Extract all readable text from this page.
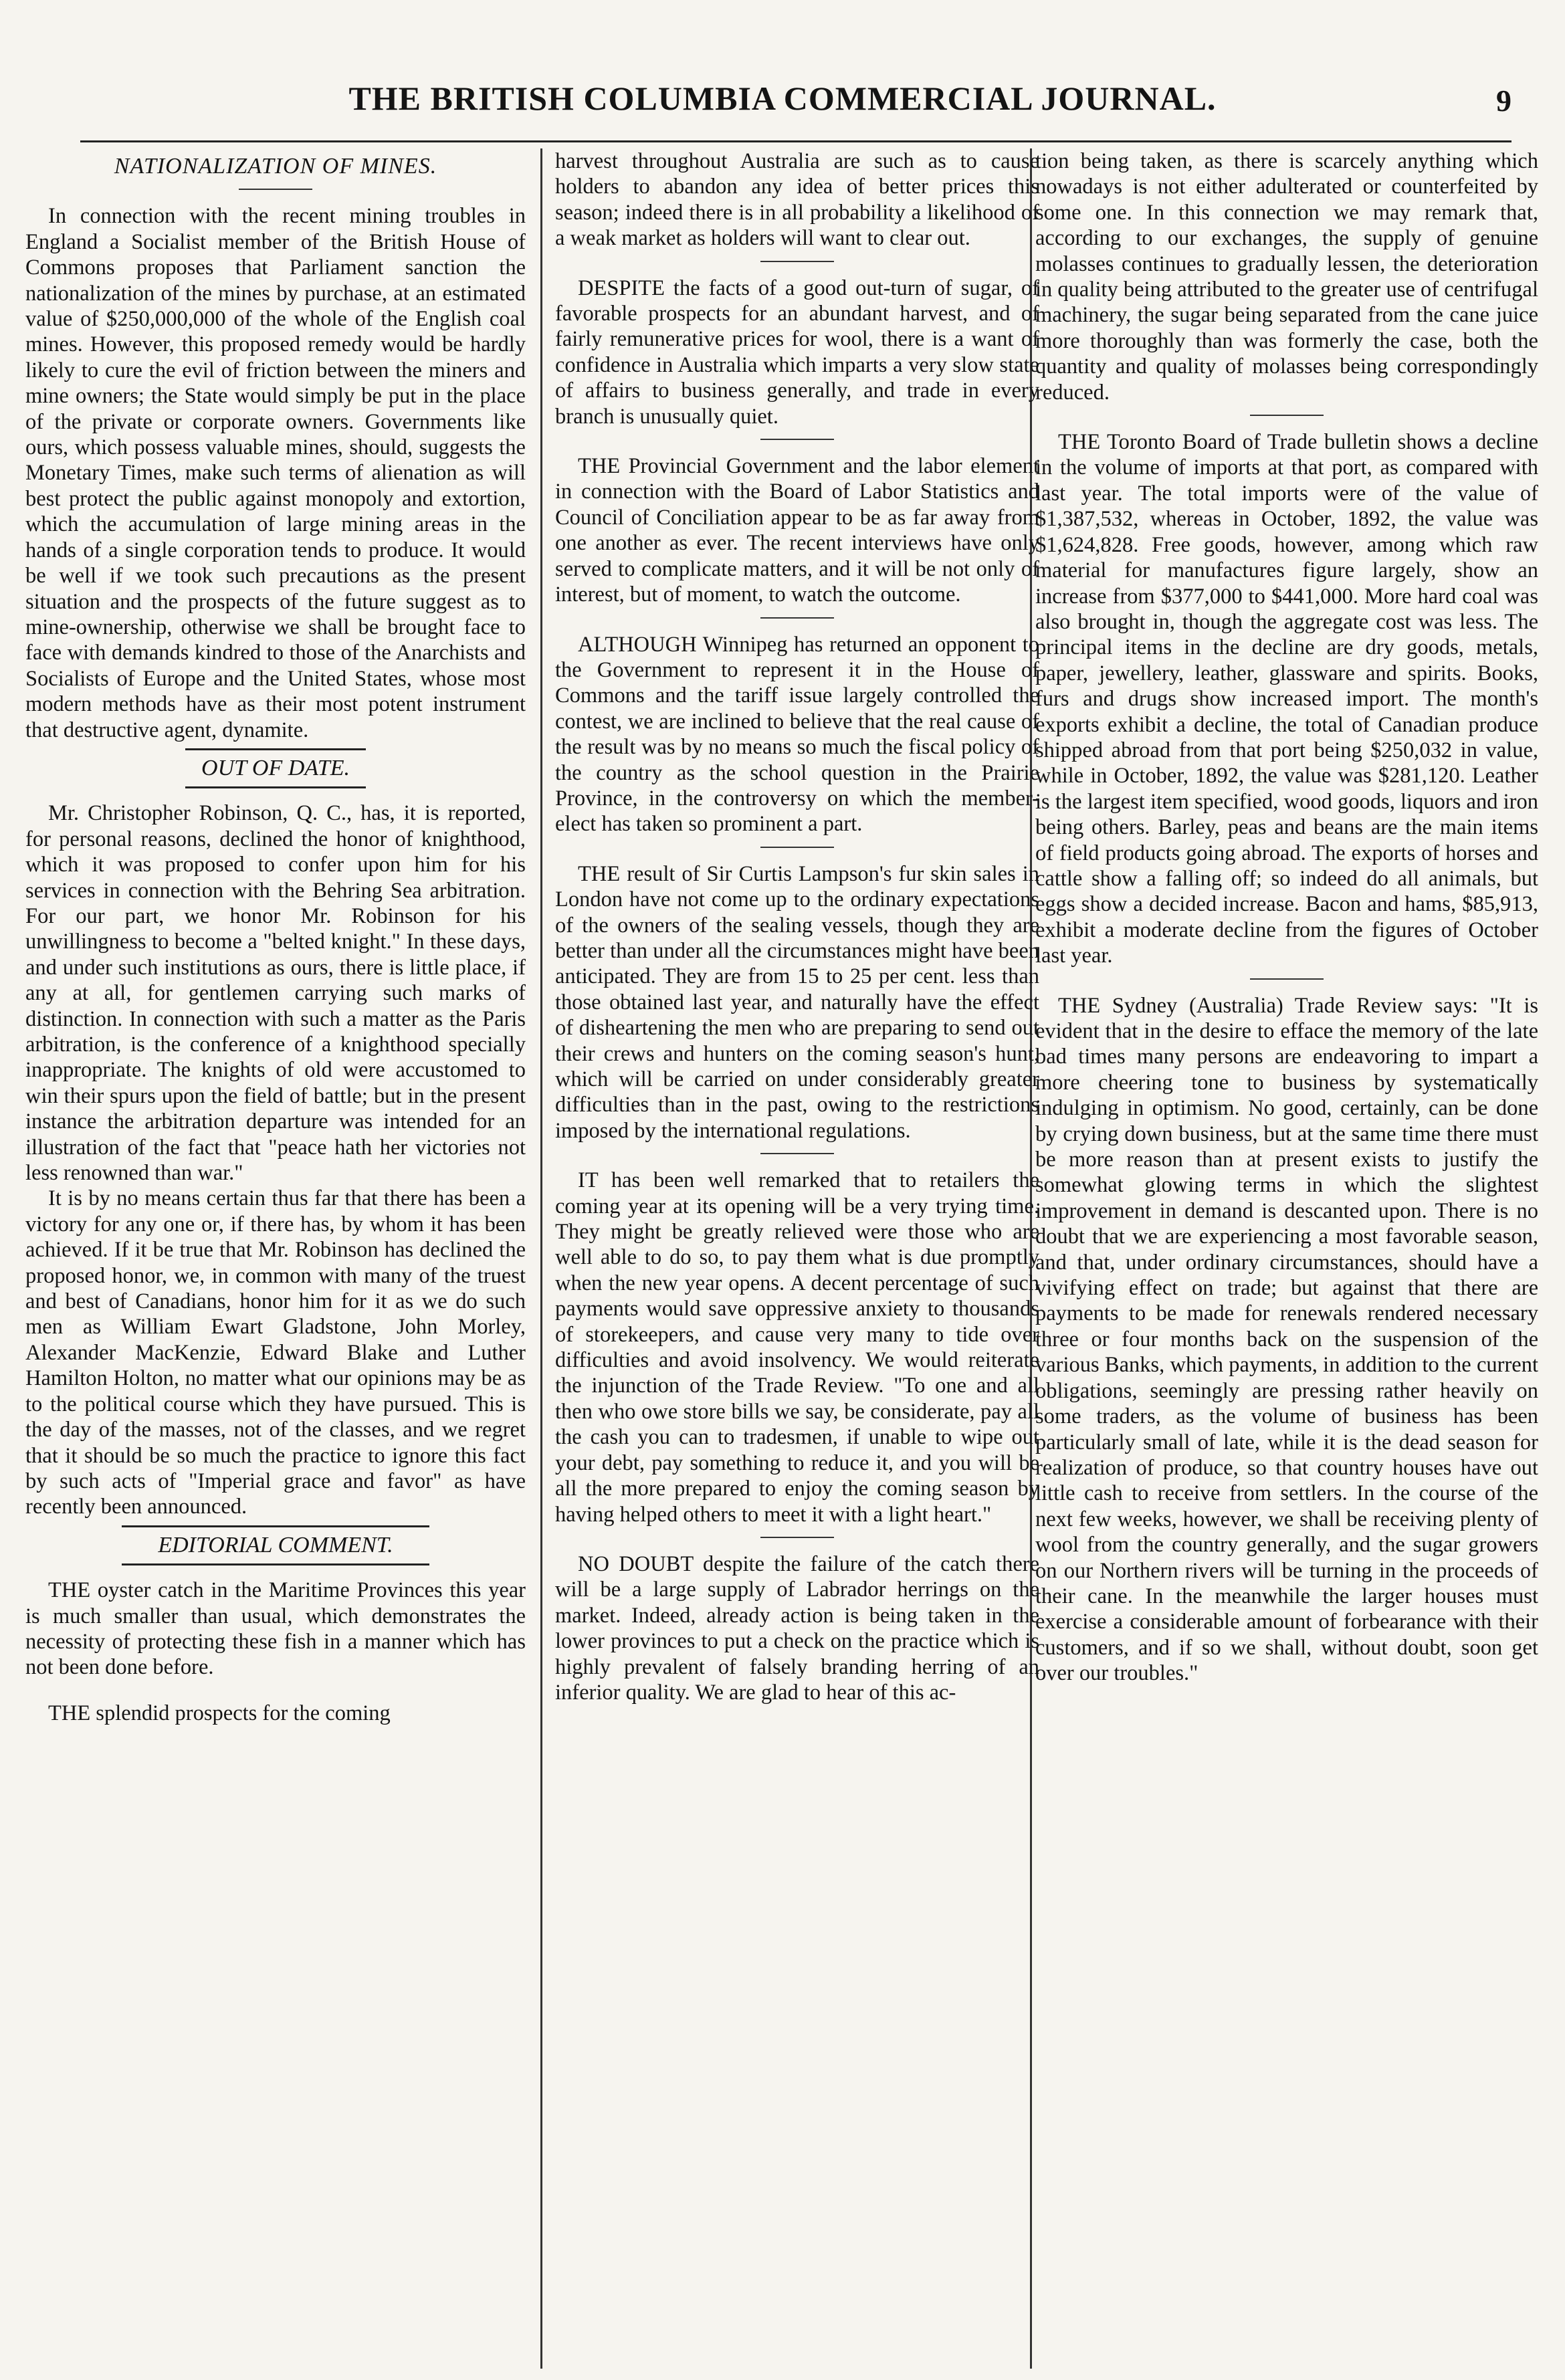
THE BRITISH COLUMBIA COMMERCIAL JOURNAL.	9
NATIONALIZATION OF MINES.

In connection with the recent mining troubles in England a Socialist member of the British House of Commons proposes that Parliament sanction the nationalization of the mines by purchase, at an estimated value of $250,000,000 of the whole of the English coal mines. However, this proposed remedy would be hardly likely to cure the evil of friction between the miners and mine owners; the State would simply be put in the place of the private or corporate owners. Governments like ours, which possess valuable mines, should, suggests the Monetary Times, make such terms of alienation as will best protect the public against monopoly and extortion, which the accumulation of large mining areas in the hands of a single corporation tends to produce. It would be well if we took such precautions as the present situation and the prospects of the future suggest as to mine-ownership, otherwise we shall be brought face to face with demands kindred to those of the Anarchists and Socialists of Europe and the United States, whose most modern methods have as their most potent instrument that destructive agent, dynamite.

OUT OF DATE.

Mr. Christopher Robinson, Q. C., has, it is reported, for personal reasons, declined the honor of knighthood, which it was proposed to confer upon him for his services in connection with the Behring Sea arbitration. For our part, we honor Mr. Robinson for his unwillingness to become a "belted knight." In these days, and under such institutions as ours, there is little place, if any at all, for gentlemen carrying such marks of distinction. In connection with such a matter as the Paris arbitration, is the conference of a knighthood specially inappropriate. The knights of old were accustomed to win their spurs upon the field of battle; but in the present instance the arbitration departure was intended for an illustration of the fact that "peace hath her victories not less renowned than war."

It is by no means certain thus far that there has been a victory for any one or, if there has, by whom it has been achieved. If it be true that Mr. Robinson has declined the proposed honor, we, in common with many of the truest and best of Canadians, honor him for it as we do such men as William Ewart Gladstone, John Morley, Alexander MacKenzie, Edward Blake and Luther Hamilton Holton, no matter what our opinions may be as to the political course which they have pursued. This is the day of the masses, not of the classes, and we regret that it should be so much the practice to ignore this fact by such acts of "Imperial grace and favor" as have recently been announced.

EDITORIAL COMMENT.

THE oyster catch in the Maritime Provinces this year is much smaller than usual, which demonstrates the necessity of protecting these fish in a manner which has not been done before.

THE splendid prospects for the coming

harvest throughout Australia are such as to cause holders to abandon any idea of better prices this season; indeed there is in all probability a likelihood of a weak market as holders will want to clear out.

DESPITE the facts of a good out-turn of sugar, of favorable prospects for an abundant harvest, and of fairly remunerative prices for wool, there is a want of confidence in Australia which imparts a very slow state of affairs to business generally, and trade in every branch is unusually quiet.

THE Provincial Government and the labor element in connection with the Board of Labor Statistics and Council of Conciliation appear to be as far away from one another as ever. The recent interviews have only served to complicate matters, and it will be not only of interest, but of moment, to watch the outcome.

ALTHOUGH Winnipeg has returned an opponent to the Government to represent it in the House of Commons and the tariff issue largely controlled the contest, we are inclined to believe that the real cause of the result was by no means so much the fiscal policy of the country as the school question in the Prairie Province, in the controversy on which the member-elect has taken so prominent a part.

THE result of Sir Curtis Lampson's fur skin sales in London have not come up to the ordinary expectations of the owners of the sealing vessels, though they are better than under all the circumstances might have been anticipated. They are from 15 to 25 per cent. less than those obtained last year, and naturally have the effect of disheartening the men who are preparing to send out their crews and hunters on the coming season's hunt, which will be carried on under considerably greater difficulties than in the past, owing to the restrictions imposed by the international regulations.

IT has been well remarked that to retailers the coming year at its opening will be a very trying time. They might be greatly relieved were those who are well able to do so, to pay them what is due promptly when the new year opens. A decent percentage of such payments would save oppressive anxiety to thousands of storekeepers, and cause very many to tide over difficulties and avoid insolvency. We would reiterate the injunction of the Trade Review. "To one and all then who owe store bills we say, be considerate, pay all the cash you can to tradesmen, if unable to wipe out your debt, pay something to reduce it, and you will be all the more prepared to enjoy the coming season by having helped others to meet it with a light heart."

NO DOUBT despite the failure of the catch there will be a large supply of Labrador herrings on the market. Indeed, already action is being taken in the lower provinces to put a check on the practice which is highly prevalent of falsely branding herring of an inferior quality. We are glad to hear of this ac-

tion being taken, as there is scarcely anything which nowadays is not either adulterated or counterfeited by some one. In this connection we may remark that, according to our exchanges, the supply of genuine molasses continues to gradually lessen, the deterioration in quality being attributed to the greater use of centrifugal machinery, the sugar being separated from the cane juice more thoroughly than was formerly the case, both the quantity and quality of molasses being correspondingly reduced.

THE Toronto Board of Trade bulletin shows a decline in the volume of imports at that port, as compared with last year. The total imports were of the value of $1,387,532, whereas in October, 1892, the value was $1,624,828. Free goods, however, among which raw material for manufactures figure largely, show an increase from $377,000 to $441,000. More hard coal was also brought in, though the aggregate cost was less. The principal items in the decline are dry goods, metals, paper, jewellery, leather, glassware and spirits. Books, furs and drugs show increased import. The month's exports exhibit a decline, the total of Canadian produce shipped abroad from that port being $250,032 in value, while in October, 1892, the value was $281,120. Leather is the largest item specified, wood goods, liquors and iron being others. Barley, peas and beans are the main items of field products going abroad. The exports of horses and cattle show a falling off; so indeed do all animals, but eggs show a decided increase. Bacon and hams, $85,913, exhibit a moderate decline from the figures of October last year.

THE Sydney (Australia) Trade Review says: "It is evident that in the desire to efface the memory of the late bad times many persons are endeavoring to impart a more cheering tone to business by systematically indulging in optimism. No good, certainly, can be done by crying down business, but at the same time there must be more reason than at present exists to justify the somewhat glowing terms in which the slightest improvement in demand is descanted upon. There is no doubt that we are experiencing a most favorable season, and that, under ordinary circumstances, should have a vivifying effect on trade; but against that there are payments to be made for renewals rendered necessary three or four months back on the suspension of the various Banks, which payments, in addition to the current obligations, seemingly are pressing rather heavily on some traders, as the volume of business has been particularly small of late, while it is the dead season for realization of produce, so that country houses have out little cash to receive from settlers. In the course of the next few weeks, however, we shall be receiving plenty of wool from the country generally, and the sugar growers on our Northern rivers will be turning in the proceeds of their cane. In the meanwhile the larger houses must exercise a considerable amount of forbearance with their customers, and if so we shall, without doubt, soon get over our troubles."
